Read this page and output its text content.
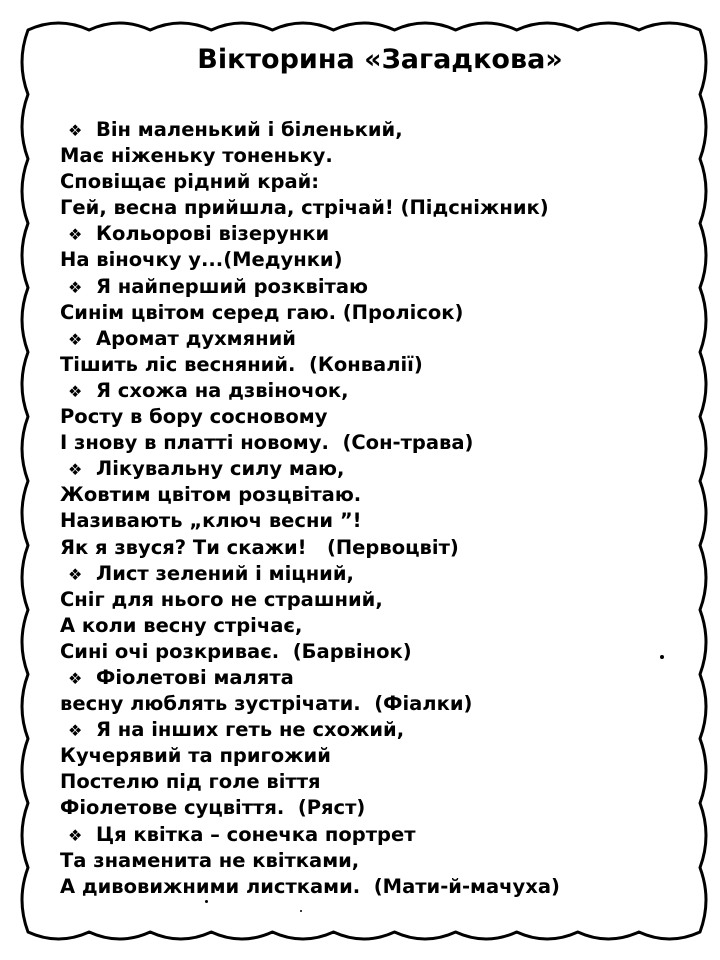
Вікторина «Загадкова»
❖ Він маленький і біленький,
Має ніженьку тоненьку.
Сповіщає рідний край:
Гей, весна прийшла, стрічай! (Підсніжник)
❖ Кольорові візерунки
На віночку у...(Медунки)
❖ Я найперший розквітаю
Синім цвітом серед гаю. (Пролісок)
❖ Аромат духмяний
Тішить ліс весняний.  (Конвалії)
❖ Я схожа на дзвіночок,
Росту в бору сосновому
І знову в платті новому.  (Сон-трава)
❖ Лікувальну силу маю,
Жовтим цвітом розцвітаю.
Називають „ключ весни ”!
Як я звуся? Ти скажи!   (Первоцвіт)
❖ Лист зелений і міцний,
Сніг для нього не страшний,
А коли весну стрічає,
Сині очі розкриває.  (Барвінок)
❖ Фіолетові малята
весну люблять зустрічати.  (Фіалки)
❖ Я на інших геть не схожий,
Кучерявий та пригожий
Постелю під голе віття
Фіолетове суцвіття.  (Ряст)
❖ Ця квітка – сонечка портрет
Та знаменита не квітками,
А дивовижними листками.  (Мати-й-мачуха)
